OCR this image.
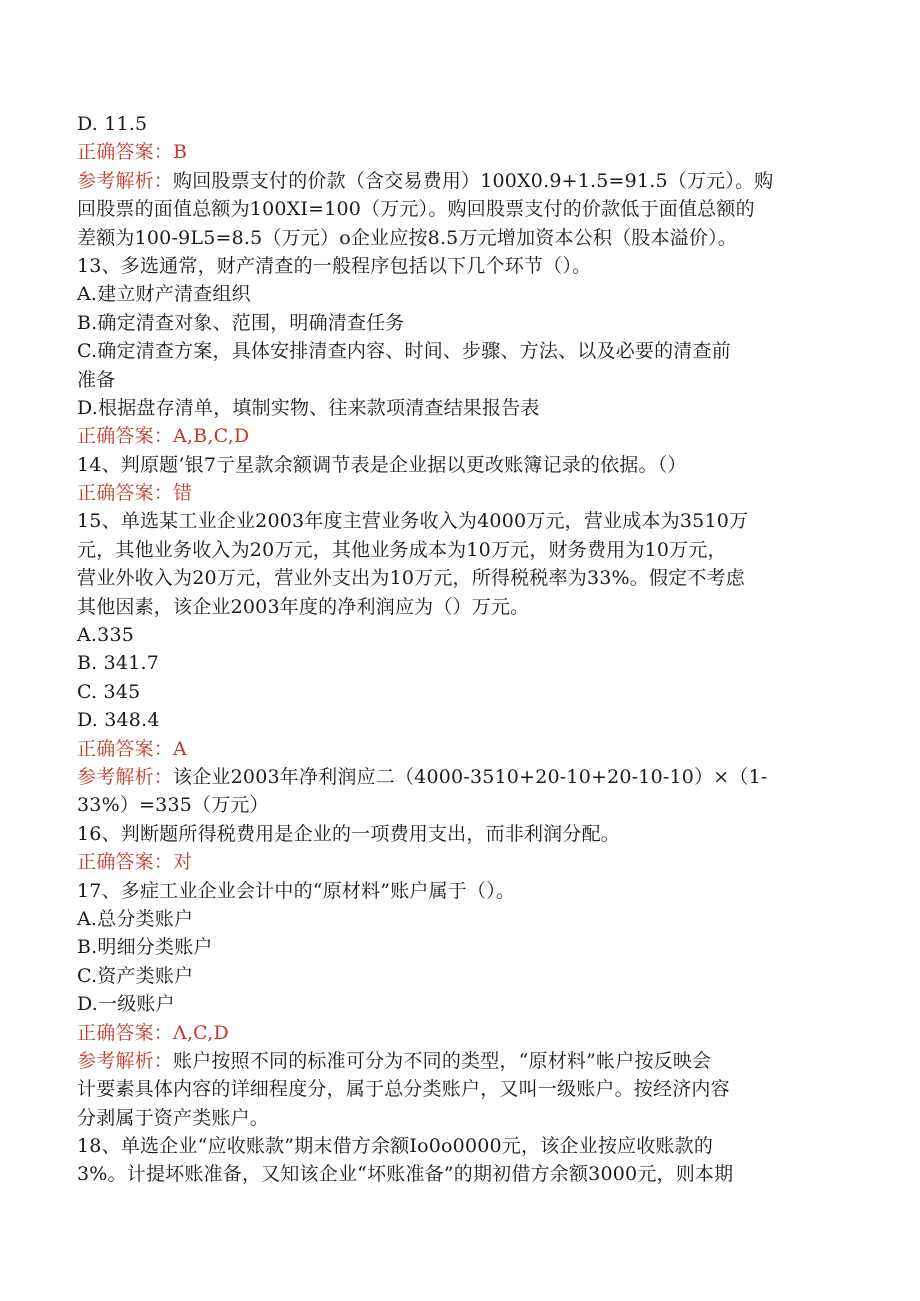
D. 11.5
正确答案：B
参考解析：购回股票支付的价款（含交易费用）100X0.9+1.5=91.5（万元）。购
回股票的面值总额为100XI=100（万元）。购回股票支付的价款低于面值总额的
差额为100-9L5=8.5（万元）o企业应按8.5万元增加资本公积（股本溢价）。
13、多选通常，财产清查的一般程序包括以下几个环节（）。
A.建立财产清查组织
B.确定清查对象、范围，明确清查任务
C.确定清查方案，具体安排清查内容、时间、步骤、方法、以及必要的清查前
准备
D.根据盘存清单，填制实物、往来款项清查结果报告表
正确答案：A,B,C,D
14、判原题‘银7亍星款余额调节表是企业据以更改账簿记录的依据。（）
正确答案：错
15、单选某工业企业2003年度主营业务收入为4000万元，营业成本为3510万
元，其他业务收入为20万元，其他业务成本为10万元，财务费用为10万元，
营业外收入为20万元，营业外支出为10万元，所得税税率为33%。假定不考虑
其他因素，该企业2003年度的净利润应为（）万元。
A.335
B. 341.7
C. 345
D. 348.4
正确答案：A
参考解析：该企业2003年净利润应二（4000-3510+20-10+20-10-10）×（1-
33%）=335（万元）
16、判断题所得税费用是企业的一项费用支出，而非利润分配。
正确答案：对
17、多症工业企业会计中的“原材料”账户属于（）。
A.总分类账户
B.明细分类账户
C.资产类账户
D.一级账户
正确答案：Λ,C,D
参考解析：账户按照不同的标准可分为不同的类型，“原材料”帐户按反映会
计要素具体内容的详细程度分，属于总分类账户，又叫一级账户。按经济内容
分剥属于资产类账户。
18、单选企业“应收账款”期末借方余额Io0o0000元，该企业按应收账款的
3%。计提坏账准备，又知该企业“坏账准备”的期初借方余额3000元，则本期
